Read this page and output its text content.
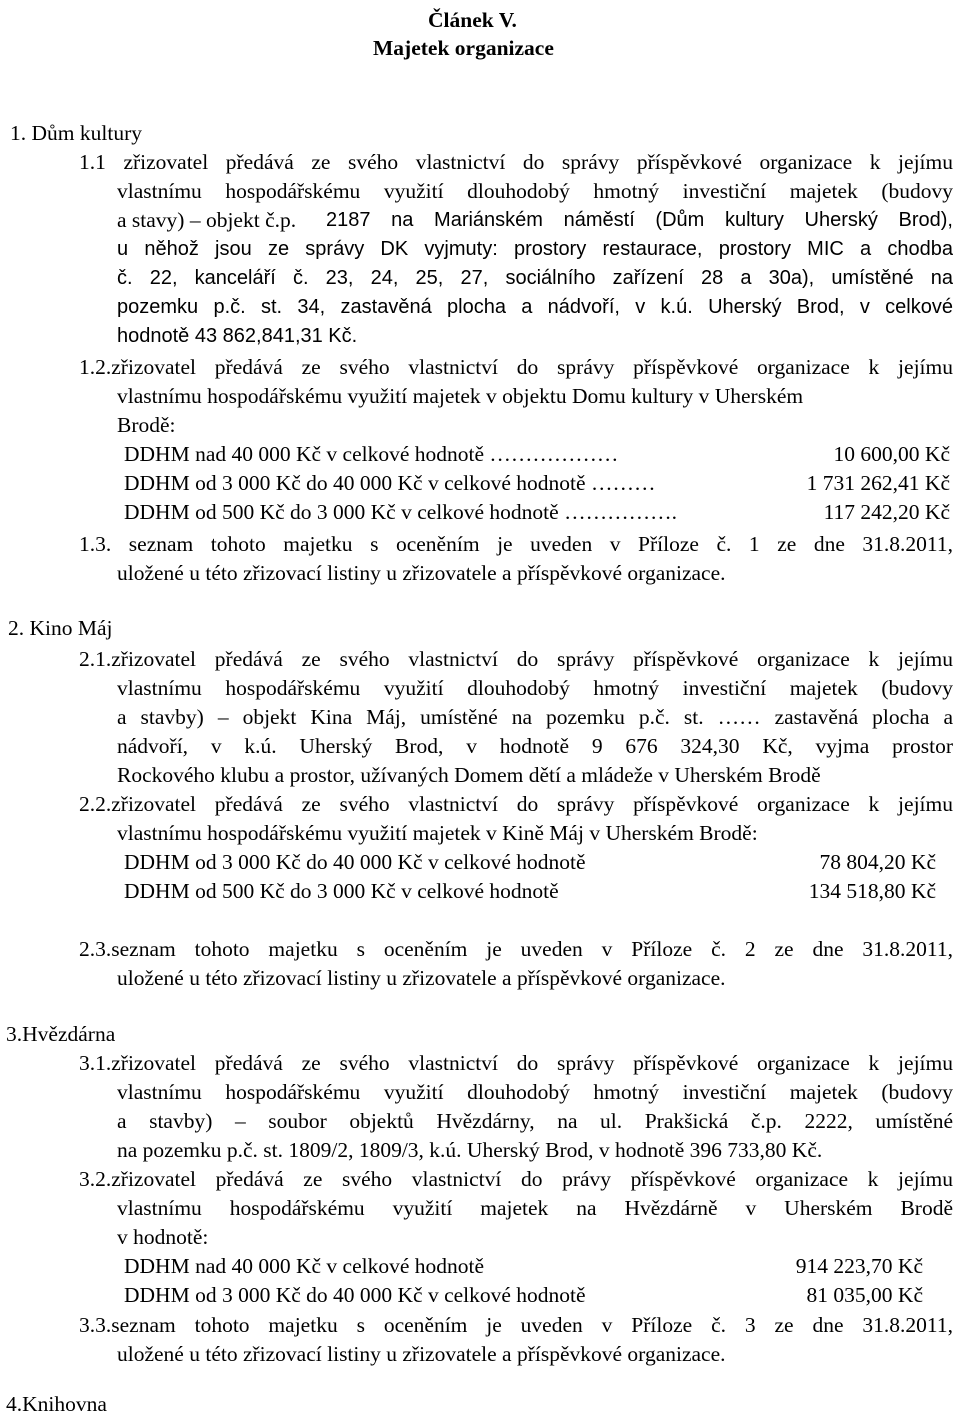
Článek V.
Majetek organizace
1. Dům kultury
1.1 zřizovatel předává ze svého vlastnictví do správy příspěvkové organizace k jejímu
vlastnímu hospodářskému využití dlouhodobý hmotný investiční majetek (budovy
a stavy) – objekt č.p. 2187 na Mariánském náměstí (Dům kultury Uherský Brod),
u něhož jsou ze správy DK vyjmuty: prostory restaurace, prostory MIC a chodba
č. 22, kanceláří č. 23, 24, 25, 27, sociálního zařízení 28 a 30a), umístěné na
pozemku p.č. st. 34, zastavěná plocha a nádvoří, v k.ú. Uherský Brod, v celkové
hodnotě 43 862,841,31 Kč.
1.2.zřizovatel předává ze svého vlastnictví do správy příspěvkové organizace k jejímu
vlastnímu hospodářskému využití majetek v objektu Domu kultury v Uherském
Brodě:
DDHM nad 40 000 Kč v celkové hodnotě ………………	10 600,00 Kč
DDHM od 3 000 Kč do 40 000 Kč v celkové hodnotě ………	1 731 262,41 Kč
DDHM od 500 Kč do 3 000 Kč v celkové hodnotě …………….	117 242,20 Kč
1.3. seznam tohoto majetku s oceněním je uveden v Příloze č. 1 ze dne 31.8.2011,
uložené u této zřizovací listiny u zřizovatele a příspěvkové organizace.
2. Kino Máj
2.1.zřizovatel předává ze svého vlastnictví do správy příspěvkové organizace k jejímu
vlastnímu hospodářskému využití dlouhodobý hmotný investiční majetek (budovy
a stavby) – objekt Kina Máj, umístěné na pozemku p.č. st. …… zastavěná plocha a
nádvoří, v k.ú. Uherský Brod, v hodnotě 9 676 324,30 Kč, vyjma prostor
Rockového klubu a prostor, užívaných Domem dětí a mládeže v Uherském Brodě
2.2.zřizovatel předává ze svého vlastnictví do správy příspěvkové organizace k jejímu
vlastnímu hospodářskému využití majetek v Kině Máj v Uherském Brodě:
DDHM od 3 000 Kč do 40 000 Kč v celkové hodnotě	78 804,20 Kč
DDHM od 500 Kč do 3 000 Kč v celkové hodnotě	134 518,80 Kč
2.3.seznam tohoto majetku s oceněním je uveden v Příloze č. 2 ze dne 31.8.2011,
uložené u této zřizovací listiny u zřizovatele a příspěvkové organizace.
3.Hvězdárna
3.1.zřizovatel předává ze svého vlastnictví do správy příspěvkové organizace k jejímu
vlastnímu hospodářskému využití dlouhodobý hmotný investiční majetek (budovy
a stavby) – soubor objektů Hvězdárny, na ul. Prakšická č.p. 2222, umístěné
na pozemku p.č. st. 1809/2, 1809/3, k.ú. Uherský Brod, v hodnotě 396 733,80 Kč.
3.2.zřizovatel předává ze svého vlastnictví do právy příspěvkové organizace k jejímu
vlastnímu hospodářskému využití majetek na Hvězdárně v Uherském Brodě
v hodnotě:
DDHM nad 40 000 Kč v celkové hodnotě	914 223,70 Kč
DDHM od 3 000 Kč do 40 000 Kč v celkové hodnotě	81 035,00 Kč
3.3.seznam tohoto majetku s oceněním je uveden v Příloze č. 3 ze dne 31.8.2011,
uložené u této zřizovací listiny u zřizovatele a příspěvkové organizace.
4.Knihovna
